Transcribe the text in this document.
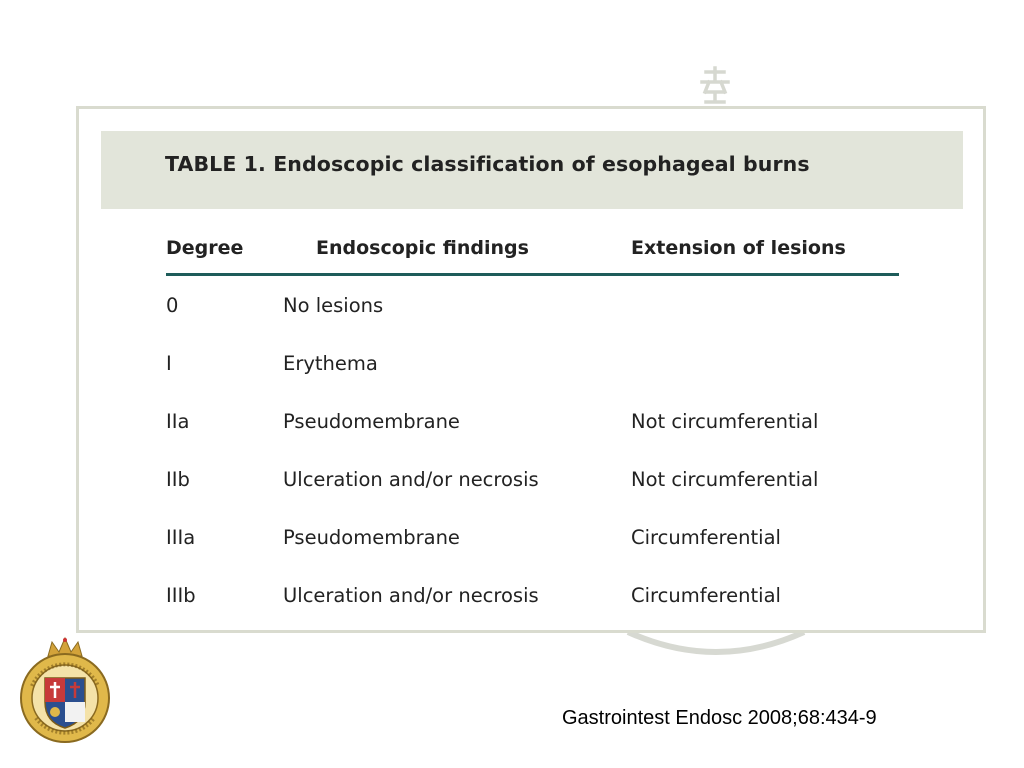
TABLE 1. Endoscopic classification of esophageal burns
Degree	Endoscopic findings	Extension of lesions
0	No lesions
I	Erythema
IIa	Pseudomembrane	Not circumferential
IIb	Ulceration and/or necrosis	Not circumferential
IIIa	Pseudomembrane	Circumferential
IIIb	Ulceration and/or necrosis	Circumferential
Gastrointest Endosc 2008;68:434-9
